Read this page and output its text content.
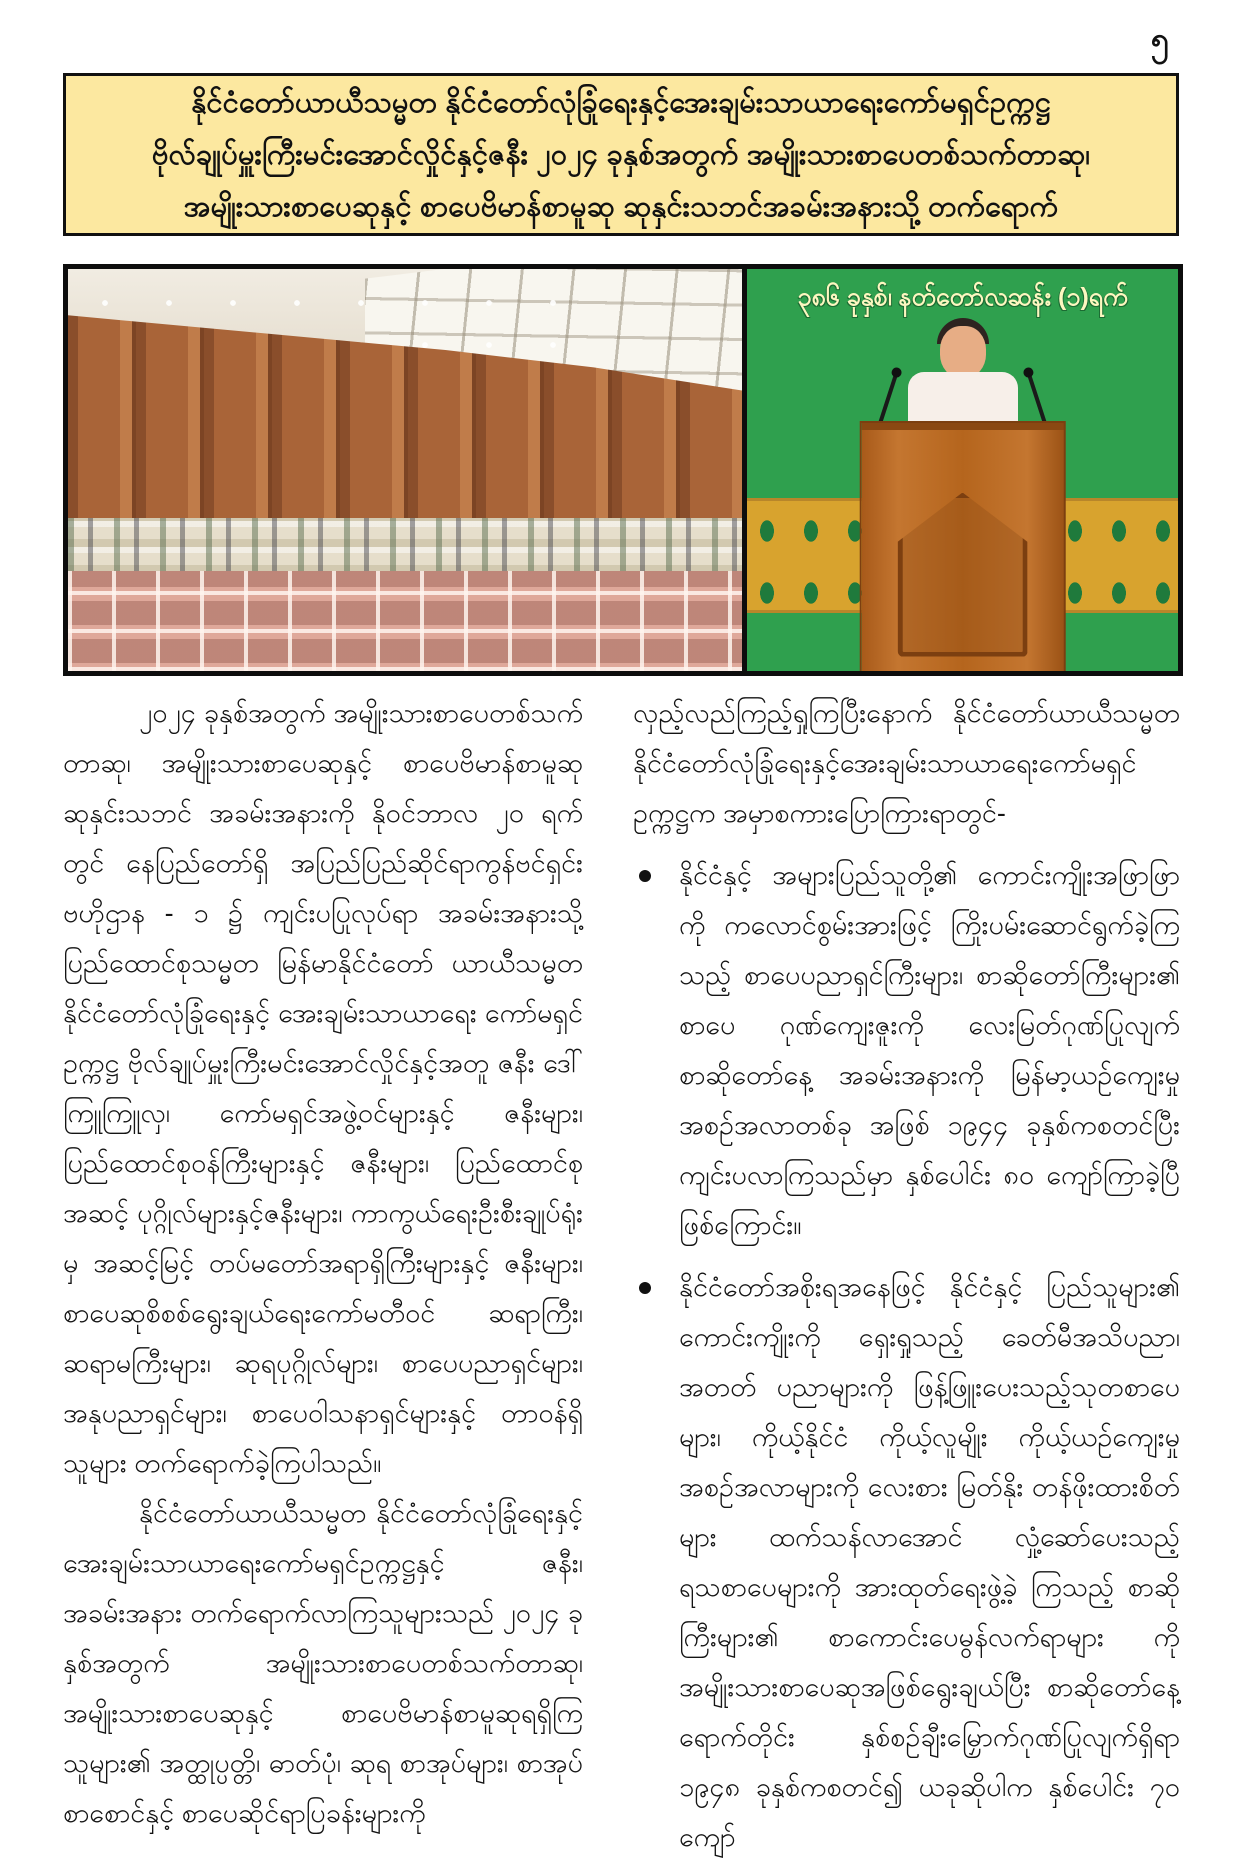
၅
နိုင်ငံတော်ယာယီသမ္မတ နိုင်ငံတော်လုံခြုံရေးနှင့်အေးချမ်းသာယာရေးကော်မရှင်ဥက္ကဋ္ဌ
ဗိုလ်ချုပ်မှူးကြီးမင်းအောင်လှိုင်နှင့်ဇနီး ၂၀၂၄ ခုနှစ်အတွက် အမျိုးသားစာပေတစ်သက်တာဆု၊
အမျိုးသားစာပေဆုနှင့် စာပေဗိမာန်စာမူဆု ဆုနှင်းသဘင်အခမ်းအနားသို့ တက်ရောက်
၃၈၆ ခုနှစ်၊ နတ်တော်လဆန်း (၁)ရက်

၂၀၂၄ ခုနှစ်အတွက် အမျိုးသားစာပေတစ်သက်တာဆု၊ အမျိုးသားစာပေဆုနှင့် စာပေဗိမာန်စာမူဆု ဆုနှင်းသဘင် အခမ်းအနားကို နိုဝင်ဘာလ ၂၀ ရက်တွင် နေပြည်တော်ရှိ အပြည်ပြည်ဆိုင်ရာကွန်ဗင်ရှင်းဗဟိုဌာန - ၁ ၌ ကျင်းပပြုလုပ်ရာ အခမ်းအနားသို့ ပြည်ထောင်စုသမ္မတ မြန်မာနိုင်ငံတော် ယာယီသမ္မတ နိုင်ငံတော်လုံခြုံရေးနှင့် အေးချမ်းသာယာရေး ကော်မရှင်ဥက္ကဋ္ဌ ဗိုလ်ချုပ်မှူးကြီးမင်းအောင်လှိုင်နှင့်အတူ ဇနီး ဒေါ်ကြူကြူလှ၊ ကော်မရှင်အဖွဲ့ဝင်များနှင့် ဇနီးများ၊ ပြည်ထောင်စုဝန်ကြီးများနှင့် ဇနီးများ၊ ပြည်ထောင်စုအဆင့် ပုဂ္ဂိုလ်များနှင့်ဇနီးများ၊ ကာကွယ်ရေးဦးစီးချုပ်ရုံးမှ အဆင့်မြင့် တပ်မတော်အရာရှိကြီးများနှင့် ဇနီးများ၊ စာပေဆုစိစစ်ရွေးချယ်ရေးကော်မတီဝင် ဆရာကြီး၊ ဆရာမကြီးများ၊ ဆုရပုဂ္ဂိုလ်များ၊ စာပေပညာရှင်များ၊ အနုပညာရှင်များ၊ စာပေဝါသနာရှင်များနှင့် တာဝန်ရှိသူများ တက်ရောက်ခဲ့ကြပါသည်။

နိုင်ငံတော်ယာယီသမ္မတ နိုင်ငံတော်လုံခြုံရေးနှင့် အေးချမ်းသာယာရေးကော်မရှင်ဥက္ကဋ္ဌနှင့် ဇနီး၊ အခမ်းအနား တက်ရောက်လာကြသူများသည် ၂၀၂၄ ခုနှစ်အတွက် အမျိုးသားစာပေတစ်သက်တာဆု၊ အမျိုးသားစာပေဆုနှင့် စာပေဗိမာန်စာမူဆုရရှိကြသူများ၏ အတ္ထုပ္ပတ္တိ၊ ဓာတ်ပုံ၊ ဆုရ စာအုပ်များ၊ စာအုပ်စာစောင်နှင့် စာပေဆိုင်ရာပြခန်းများကို

လှည့်လည်ကြည့်ရှုကြပြီးနောက် နိုင်ငံတော်ယာယီသမ္မတ နိုင်ငံတော်လုံခြုံရေးနှင့်အေးချမ်းသာယာရေးကော်မရှင်ဥက္ကဋ္ဌက အမှာစကားပြောကြားရာတွင်-

နိုင်ငံနှင့် အများပြည်သူတို့၏ ကောင်းကျိုးအဖြာဖြာကို ကလောင်စွမ်းအားဖြင့် ကြိုးပမ်းဆောင်ရွက်ခဲ့ကြသည့် စာပေပညာရှင်ကြီးများ၊ စာဆိုတော်ကြီးများ၏ စာပေ ဂုဏ်ကျေးဇူးကို လေးမြတ်ဂုဏ်ပြုလျက် စာဆိုတော်နေ့ အခမ်းအနားကို မြန်မာ့ယဉ်ကျေးမှုအစဉ်အလာတစ်ခု အဖြစ် ၁၉၄၄ ခုနှစ်ကစတင်ပြီး ကျင်းပလာကြသည်မှာ နှစ်ပေါင်း ၈၀ ကျော်ကြာခဲ့ပြီဖြစ်ကြောင်း။

နိုင်ငံတော်အစိုးရအနေဖြင့် နိုင်ငံနှင့် ပြည်သူများ၏ ကောင်းကျိုးကို ရှေးရှုသည့် ခေတ်မီအသိပညာ၊ အတတ် ပညာများကို ဖြန့်ဖြူးပေးသည့်သုတစာပေများ၊ ကိုယ့်နိုင်ငံ ကိုယ့်လူမျိုး ကိုယ့်ယဉ်ကျေးမှုအစဉ်အလာများကို လေးစား မြတ်နိုး တန်ဖိုးထားစိတ်များ ထက်သန်လာအောင် လှုံ့ဆော်ပေးသည့် ရသစာပေများကို အားထုတ်ရေးဖွဲ့ခဲ့ ကြသည့် စာဆိုကြီးများ၏ စာကောင်းပေမွန်လက်ရာများ ကို အမျိုးသားစာပေဆုအဖြစ်ရွေးချယ်ပြီး စာဆိုတော်နေ့ ရောက်တိုင်း နှစ်စဉ်ချီးမြှောက်ဂုဏ်ပြုလျက်ရှိရာ ၁၉၄၈ ခုနှစ်ကစတင်၍ ယခုဆိုပါက နှစ်ပေါင်း ၇၀ ကျော်
